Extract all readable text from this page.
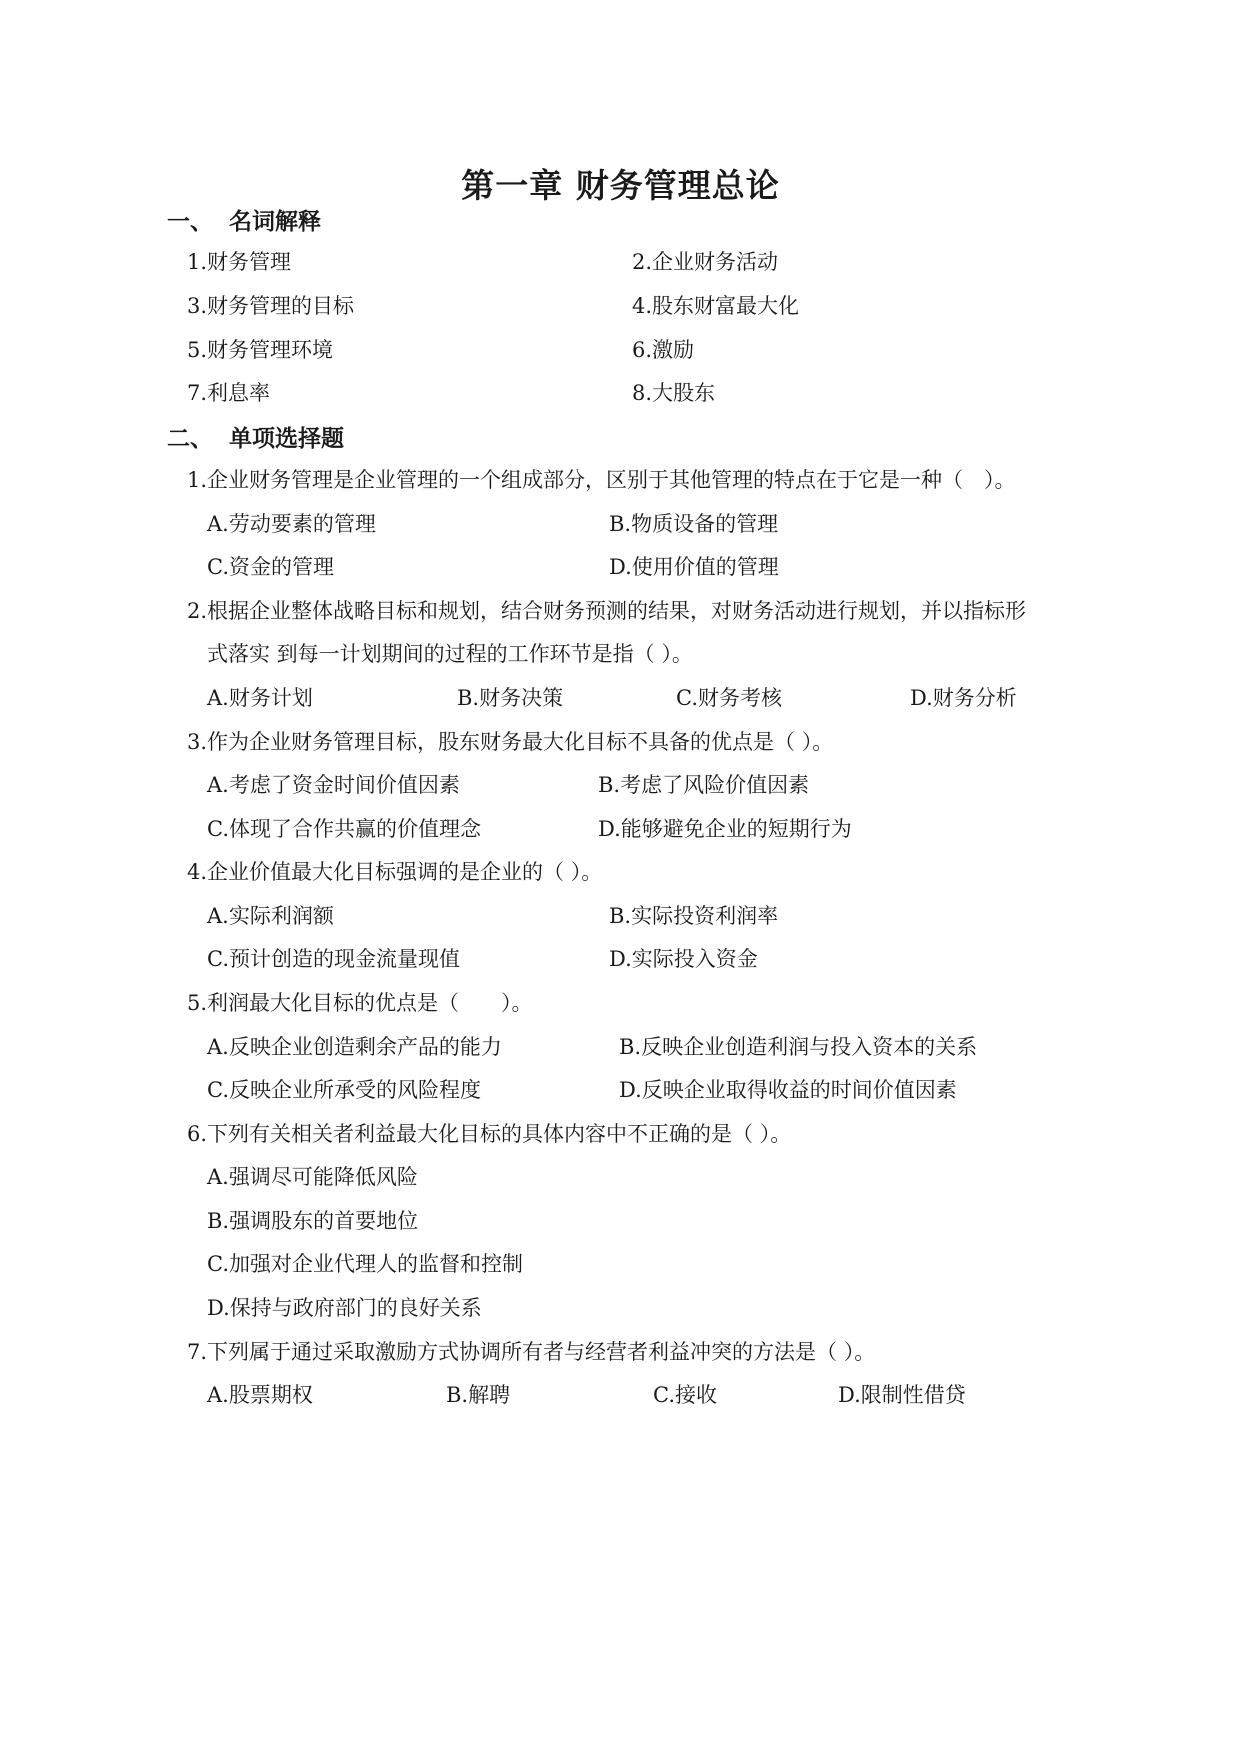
第一章 财务管理总论
一、 名词解释
1.财务管理	2.企业财务活动
3.财务管理的目标	4.股东财富最大化
5.财务管理环境	6.激励
7.利息率	8.大股东
二、 单项选择题
1.企业财务管理是企业管理的一个组成部分，区别于其他管理的特点在于它是一种（　）。
A.劳动要素的管理	B.物质设备的管理
C.资金的管理	D.使用价值的管理
2.根据企业整体战略目标和规划，结合财务预测的结果，对财务活动进行规划，并以指标形
式落实 到每一计划期间的过程的工作环节是指（ ）。
A.财务计划	B.财务决策	C.财务考核	D.财务分析
3.作为企业财务管理目标，股东财务最大化目标不具备的优点是（ ）。
A.考虑了资金时间价值因素	B.考虑了风险价值因素
C.体现了合作共赢的价值理念	D.能够避免企业的短期行为
4.企业价值最大化目标强调的是企业的（ ）。
A.实际利润额	B.实际投资利润率
C.预计创造的现金流量现值	D.实际投入资金
5.利润最大化目标的优点是（　　）。
A.反映企业创造剩余产品的能力	B.反映企业创造利润与投入资本的关系
C.反映企业所承受的风险程度	D.反映企业取得收益的时间价值因素
6.下列有关相关者利益最大化目标的具体内容中不正确的是（ ）。
A.强调尽可能降低风险
B.强调股东的首要地位
C.加强对企业代理人的监督和控制
D.保持与政府部门的良好关系
7.下列属于通过采取激励方式协调所有者与经营者利益冲突的方法是（ ）。
A.股票期权	B.解聘	C.接收	D.限制性借贷
